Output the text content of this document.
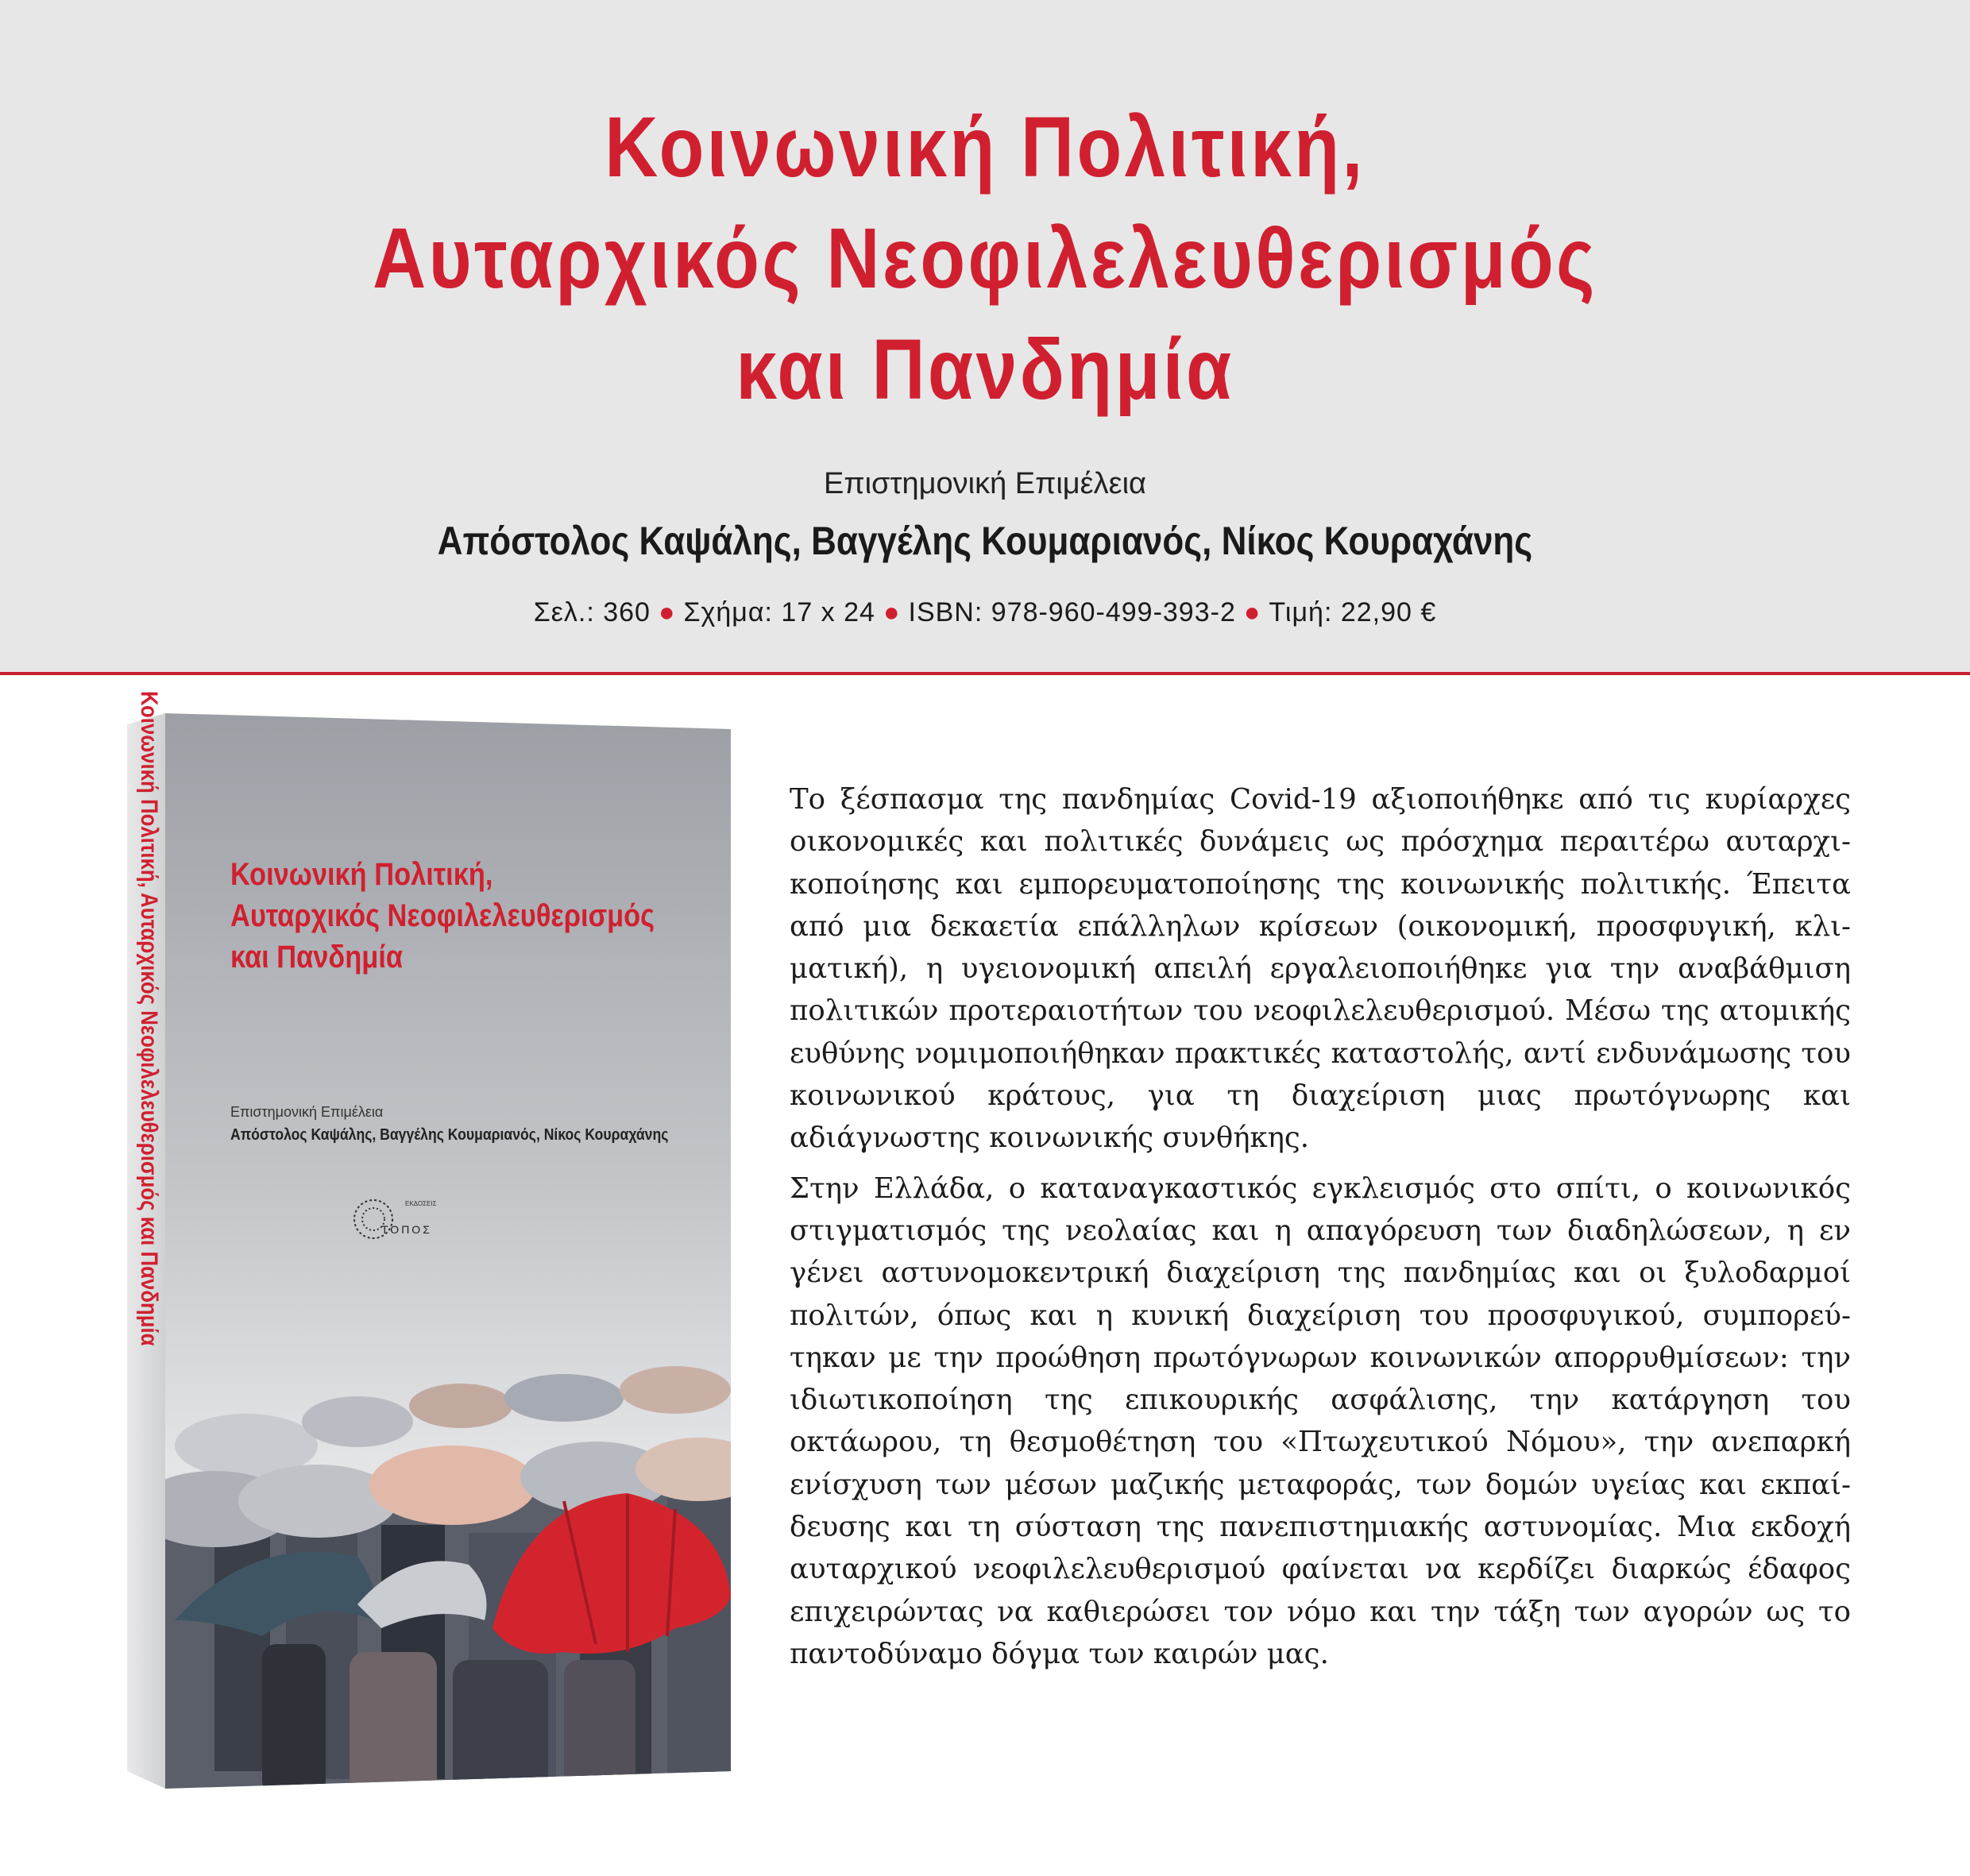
Κοινωνική Πολιτική,
Αυταρχικός Νεοφιλελευθερισμός
και Πανδημία
Επιστημονική Επιμέλεια
Απόστολος Καψάλης, Βαγγέλης Κουμαριανός, Νίκος Κουραχάνης
Σελ.: 360 ● Σχήμα: 17 x 24 ● ISBN: 978-960-499-393-2 ● Τιμή: 22,90 €
Κοινωνική Πολιτική,
Αυταρχικός Νεοφιλελευθερισμός
και Πανδημία
Επιστημονική Επιμέλεια
Απόστολος Καψάλης, Βαγγέλης Κουμαριανός, Νίκος Κουραχάνης
ΕΚΔΟΣΕΙΣ
ΤΟΠΟΣ
Κοινωνική Πολιτική, Αυταρχικός Νεοφιλελευθερισμός και Πανδημία	Το ξέσπασμα της πανδημίας Covid-19 αξιοποιήθηκε από τις κυρίαρχες οικονομικές και πολιτικές δυνάμεις ως πρόσχημα περαιτέρω αυταρχικοποίησης και εμπορευματοποίησης της κοινωνικής πολιτικής. Έπειτα από μια δεκαετία επάλληλων κρίσεων (οικονομική, προσφυγική, κλιματική), η υγειονομική απειλή εργαλειοποιήθηκε για την αναβάθμιση πολιτικών προτεραιοτήτων του νεοφιλελευθερισμού. Μέσω της ατομικής ευθύνης νομιμοποιήθηκαν πρακτικές καταστολής, αντί ενδυνάμωσης του κοινωνικού κράτους, για τη διαχείριση μιας πρωτόγνωρης και αδιάγνωστης κοινωνικής συνθήκης.

Στην Ελλάδα, ο καταναγκαστικός εγκλεισμός στο σπίτι, ο κοινωνικός στιγματισμός της νεολαίας και η απαγόρευση των διαδηλώσεων, η εν γένει αστυνομοκεντρική διαχείριση της πανδημίας και οι ξυλοδαρμοί πολιτών, όπως και η κυνική διαχείριση του προσφυγικού, συμπορεύτηκαν με την προώθηση πρωτόγνωρων κοινωνικών απορρυθμίσεων: την ιδιωτικοποίηση της επικουρικής ασφάλισης, την κατάργηση του οκτάωρου, τη θεσμοθέτηση του «Πτωχευτικού Νόμου», την ανεπαρκή ενίσχυση των μέσων μαζικής μεταφοράς, των δομών υγείας και εκπαίδευσης και τη σύσταση της πανεπιστημιακής αστυνομίας. Μια εκδοχή αυταρχικού νεοφιλελευθερισμού φαίνεται να κερδίζει διαρκώς έδαφος επιχειρώντας να καθιερώσει τον νόμο και την τάξη των αγορών ως το παντοδύναμο δόγμα των καιρών μας.
